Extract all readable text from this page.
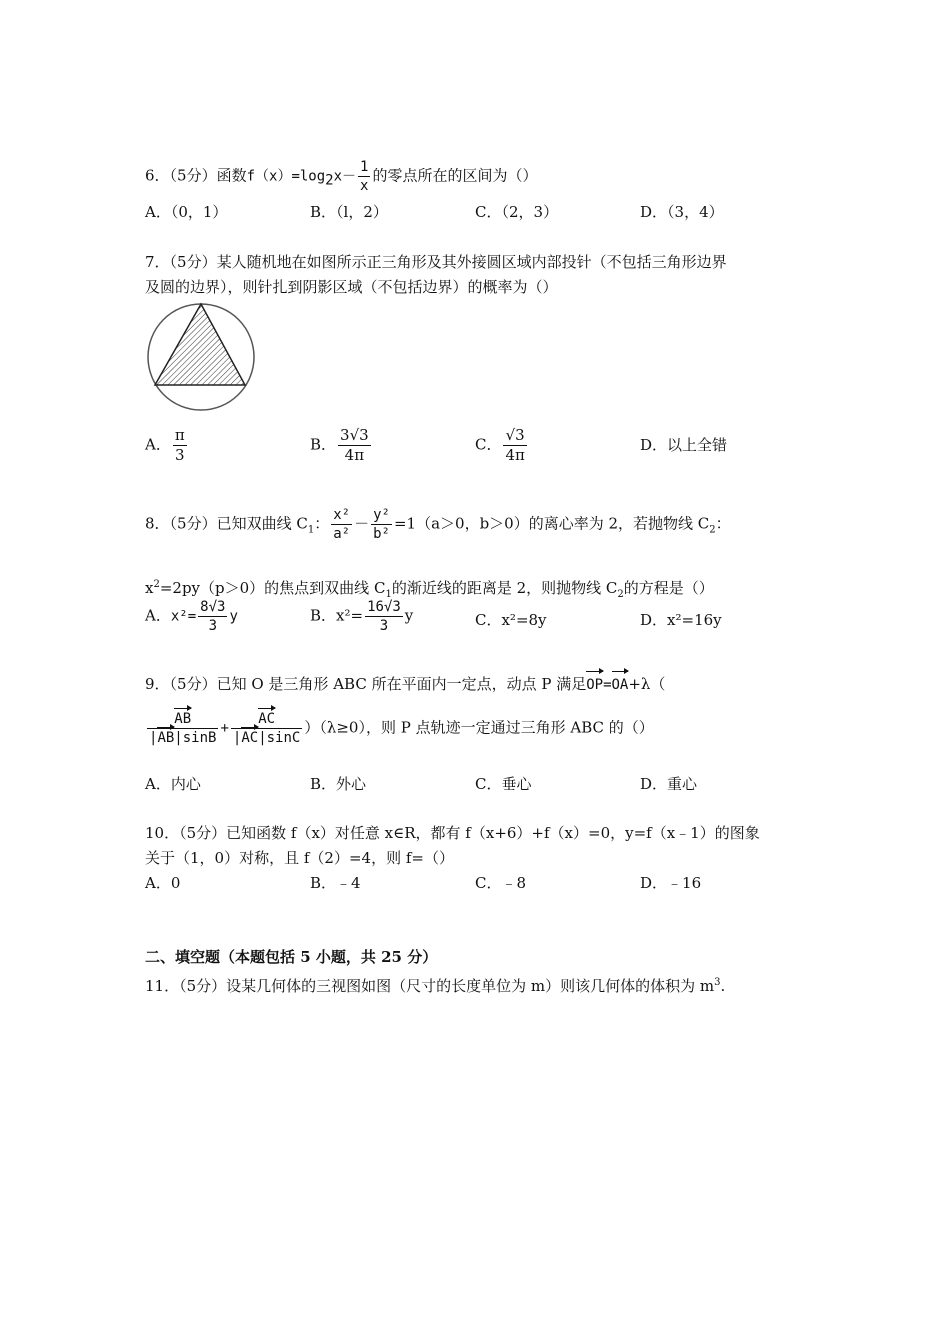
6．（5分）函数$f(x)=\log_2x- \frac{1}{x}$ 的零点所在的区间为（）
A．（0，1）	B．（l，2）	C．（2，3）	D．（3，4）
7．（5分）某人随机地在如图所示正三角形及其外接圆区域内部投针（不包括三角形边界
及圆的边界），则针扎到阴影区域（不包括边界）的概率为（）
A． $\frac{\pi}{3}$	B． $\frac{3√3}{4\pi}$	C． $\frac{√3}{4\pi}$	D．以上全错
8．（5分）已知双曲线 $C_1$： $\frac{\text{x²}}{\text{a²}} - \frac{\text{y²}}{\text{b²}} =1(a>0$，b＞0）的离心率为 2，若抛物线 $C_2$：
$x^2=2py(p>0)$的焦点到双曲线 $C_1$的渐近线的距离是 2，则抛物线 $C_2$的方程是（）
A．$x^2= \frac{8√3}{3}$ y	B．$x^2= \frac{16√3}{3}$ y	C．x²=8y	D．x²=16y
9．（5分）已知 O 是三角形 ABC 所在平面内一定点，动点 P 满足OP=OA+λ（
$\frac{AB}{|AB|\sin B} + \frac{AC}{|AC|\sin C} )(\lambda\ge 0)$，则 P 点轨迹一定通过三角形 ABC 的（）
A．内心	B．外心	C．垂心	D．重心
10．（5分）已知函数 f（x）对任意 x∈R，都有 f（x+6）+f（x）=0，y=f（x﹣1）的图象
关于（1，0）对称，且 f（2）=4，则 f=（）
A．0	B．﹣4	C．﹣8	D．﹣16
二、填空题（本题包括 5 小题，共 25 分）
11．（5分）设某几何体的三视图如图（尺寸的长度单位为 m）则该几何体的体积为 $m^3$.
